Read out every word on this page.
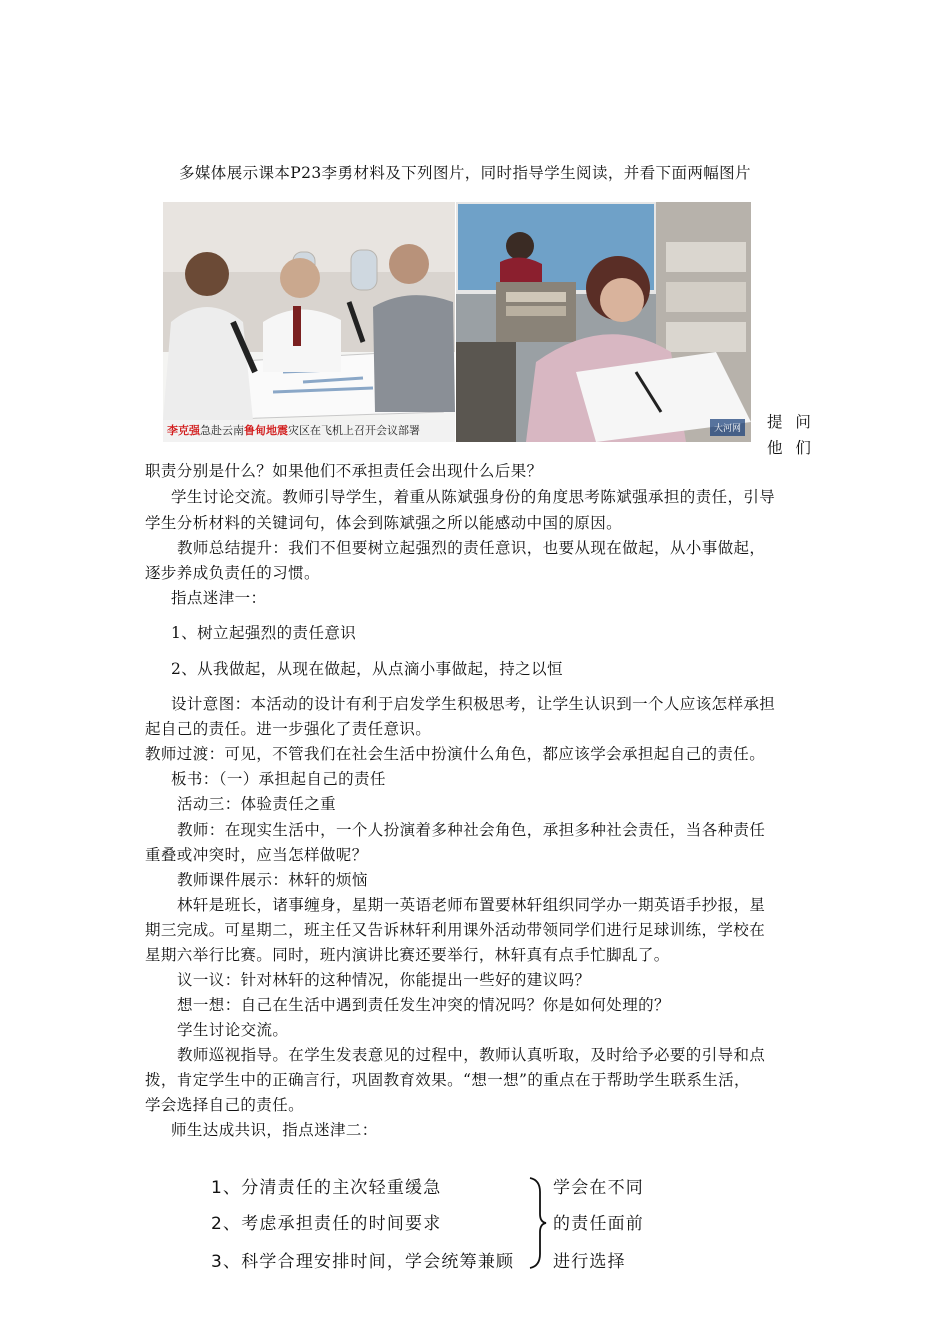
多媒体展示课本P23李勇材料及下列图片，同时指导学生阅读，并看下面两幅图片
李克强急赴云南鲁甸地震灾区在飞机上召开会议部署	大河网 提 问
他 们
职责分别是什么？如果他们不承担责任会出现什么后果？
学生讨论交流。教师引导学生，着重从陈斌强身份的角度思考陈斌强承担的责任，引导
学生分析材料的关键词句，体会到陈斌强之所以能感动中国的原因。
教师总结提升：我们不但要树立起强烈的责任意识，也要从现在做起，从小事做起，
逐步养成负责任的习惯。
指点迷津一：
1、树立起强烈的责任意识
2、从我做起，从现在做起，从点滴小事做起，持之以恒
设计意图：本活动的设计有利于启发学生积极思考，让学生认识到一个人应该怎样承担
起自己的责任。进一步强化了责任意识。
教师过渡：可见，不管我们在社会生活中扮演什么角色，都应该学会承担起自己的责任。
板书：（一）承担起自己的责任
活动三：体验责任之重
教师：在现实生活中，一个人扮演着多种社会角色，承担多种社会责任，当各种责任
重叠或冲突时，应当怎样做呢？
教师课件展示：林轩的烦恼
林轩是班长，诸事缠身，星期一英语老师布置要林轩组织同学办一期英语手抄报，星
期三完成。可星期二，班主任又告诉林轩利用课外活动带领同学们进行足球训练，学校在
星期六举行比赛。同时，班内演讲比赛还要举行，林轩真有点手忙脚乱了。
议一议：针对林轩的这种情况，你能提出一些好的建议吗？
想一想：自己在生活中遇到责任发生冲突的情况吗？你是如何处理的？
学生讨论交流。
教师巡视指导。在学生发表意见的过程中，教师认真听取，及时给予必要的引导和点
拨，肯定学生中的正确言行，巩固教育效果。“想一想”的重点在于帮助学生联系生活，
学会选择自己的责任。
师生达成共识，指点迷津二：
1、分清责任的主次轻重缓急
2、考虑承担责任的时间要求
3、科学合理安排时间，学会统筹兼顾
学会在不同
的责任面前
进行选择
